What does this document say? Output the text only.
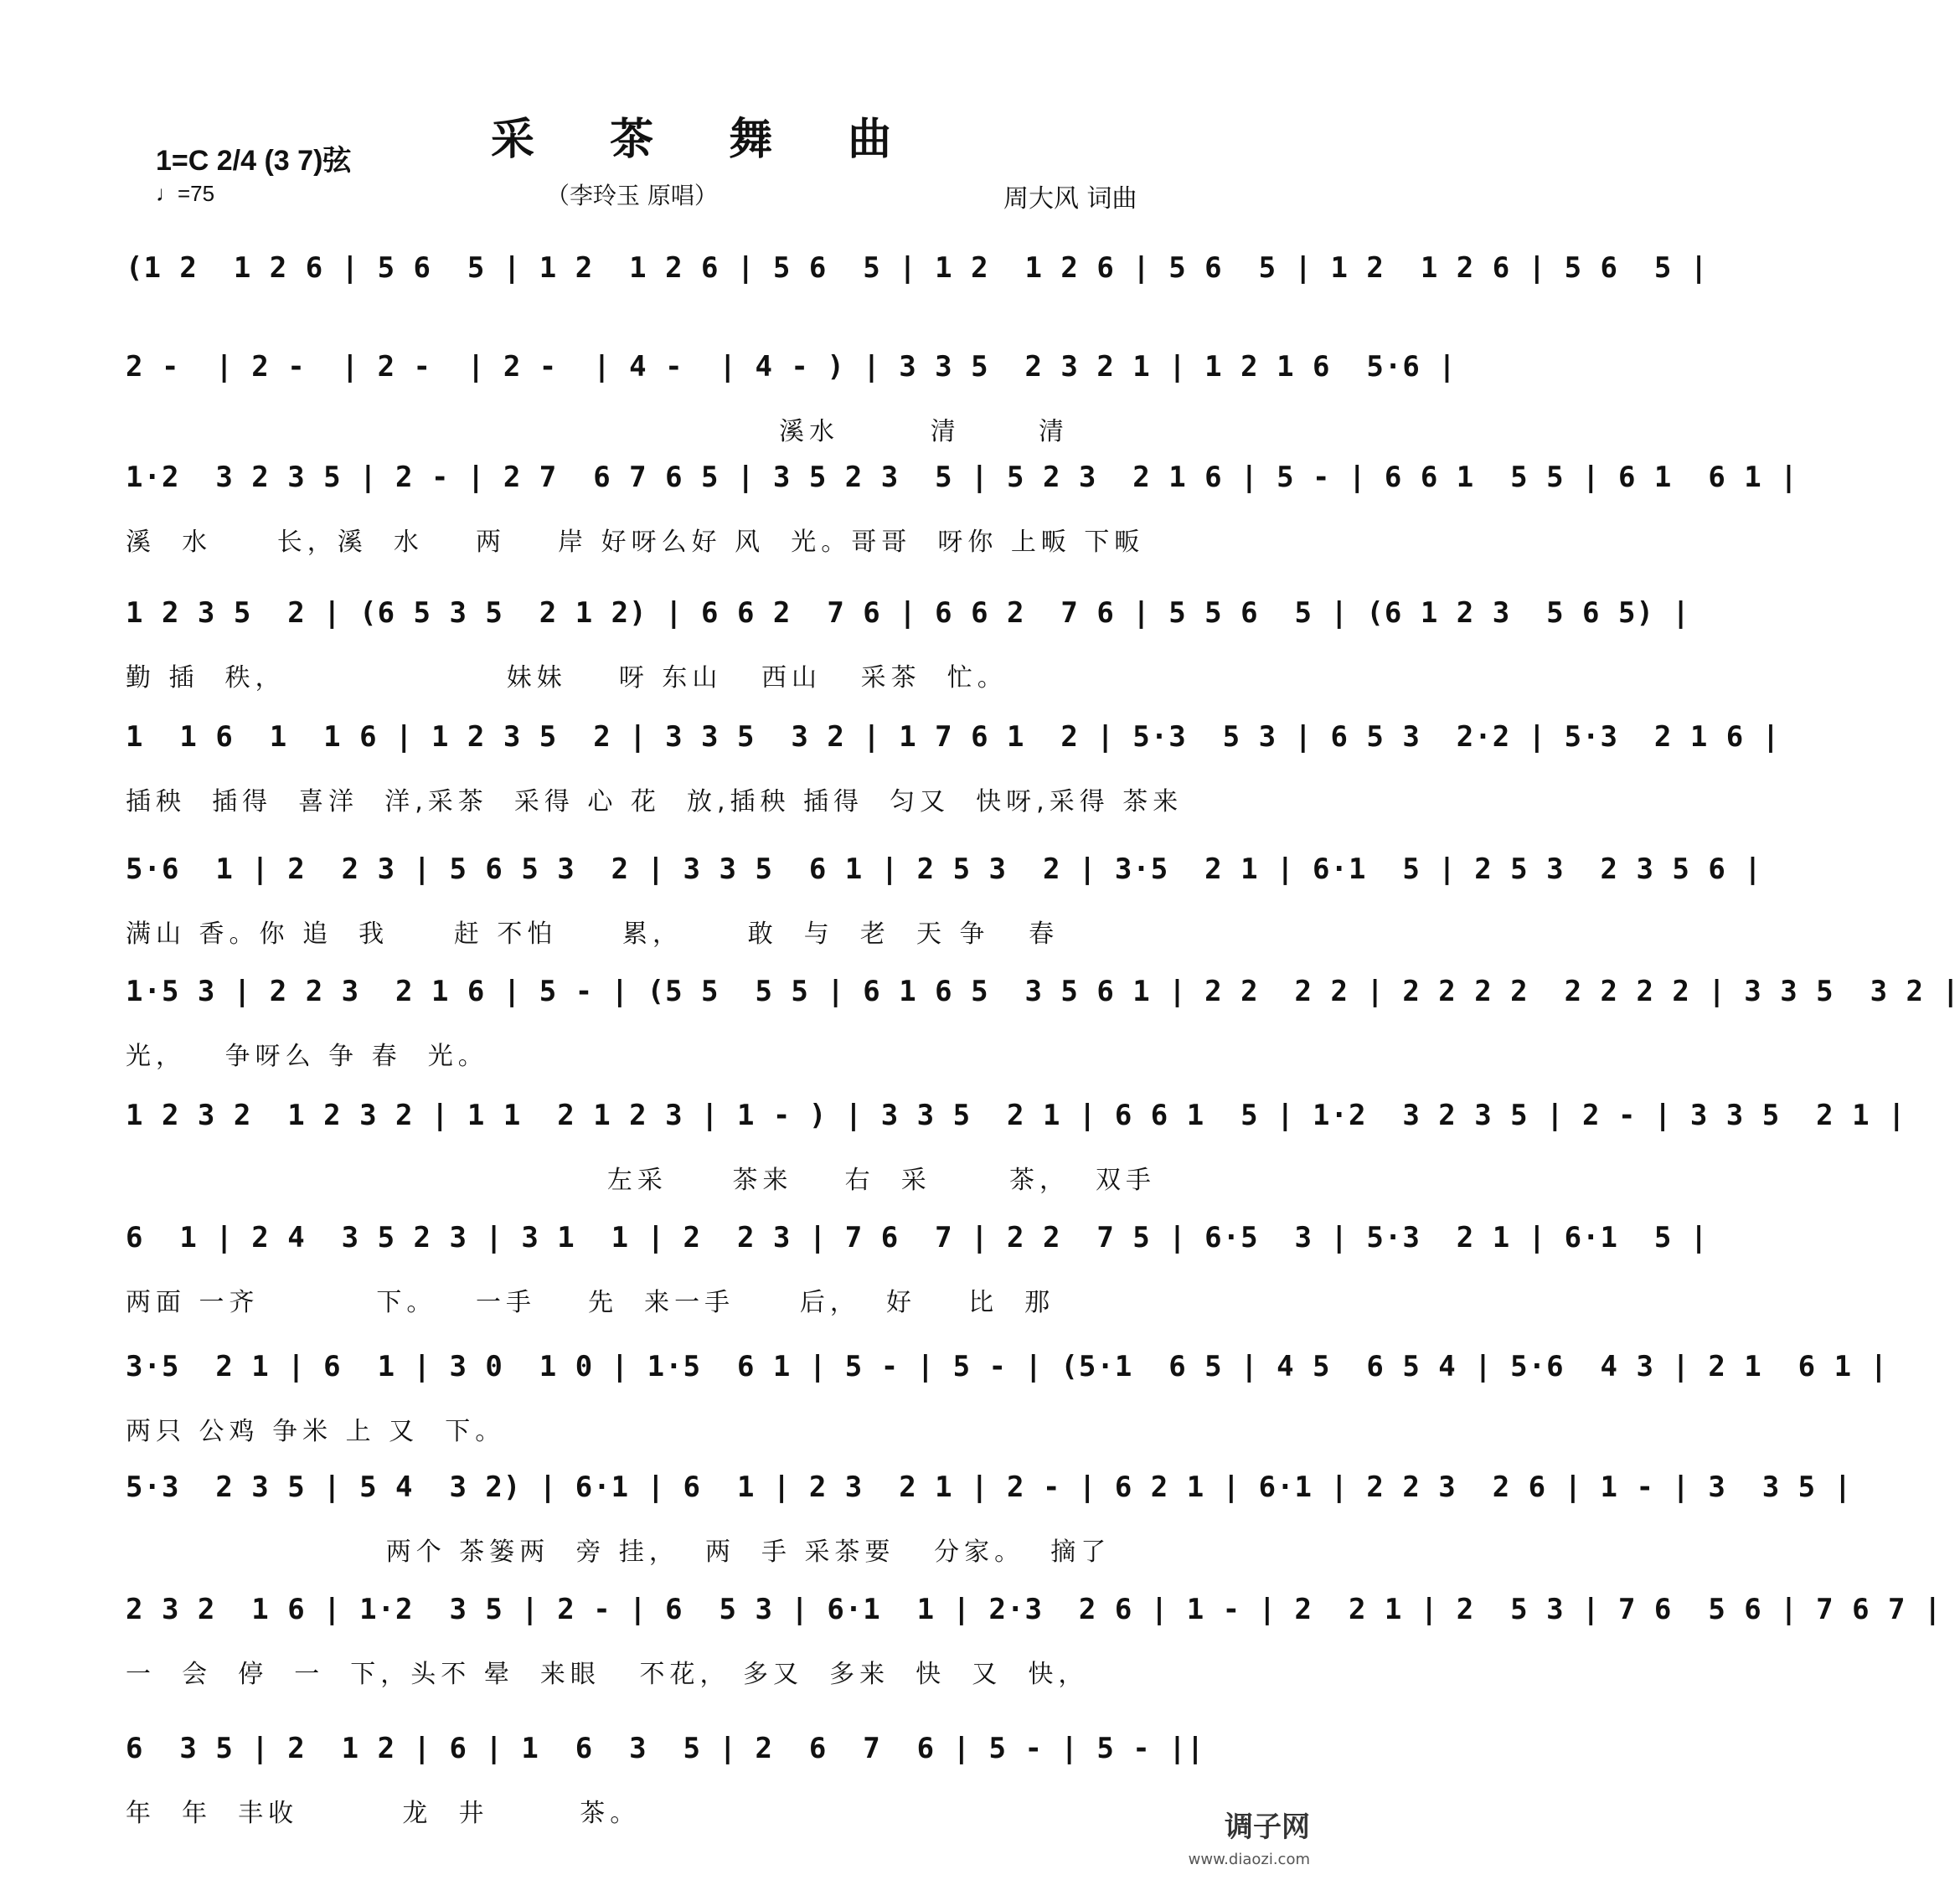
采 茶 舞 曲
1=C 2/4 (3 7)弦
♩=75	（李玲玉 原唱）	周大风 词曲
(1 2  1 2 6 | 5 6  5 | 1 2  1 2 6 | 5 6  5 | 1 2  1 2 6 | 5 6  5 | 1 2  1 2 6 | 5 6  5 |
2 -  | 2 -  | 2 -  | 2 -  | 4 -  | 4 - ) | 3 3 5  2 3 2 1 | 1 2 1 6  5·6 |
溪水       清      清
1·2  3 2 3 5 | 2 - | 2 7  6 7 6 5 | 3 5 2 3  5 | 5 2 3  2 1 6 | 5 - | 6 6 1  5 5 | 6 1  6 1 |
溪  水     长，溪  水    两    岸 好呀么好 风  光。哥哥  呀你 上畈 下畈
1 2 3 5  2 | (6 5 3 5  2 1 2) | 6 6 2  7 6 | 6 6 2  7 6 | 5 5 6  5 | (6 1 2 3  5 6 5) |
勤 插  秩，                 妹妹    呀 东山   西山   采茶  忙。
1  1 6  1  1 6 | 1 2 3 5  2 | 3 3 5  3 2 | 1 7 6 1  2 | 5·3  5 3 | 6 5 3  2·2 | 5·3  2 1 6 |
插秧  插得  喜洋  洋,采茶  采得 心 花  放,插秧 插得  匀又  快呀,采得 茶来
5·6  1 | 2  2 3 | 5 6 5 3  2 | 3 3 5  6 1 | 2 5 3  2 | 3·5  2 1 | 6·1  5 | 2 5 3  2 3 5 6 |
满山 香。你 追  我     赶 不怕     累，     敢  与  老  天 争   春
1·5 3 | 2 2 3  2 1 6 | 5 - | (5 5  5 5 | 6 1 6 5  3 5 6 1 | 2 2  2 2 | 2 2 2 2  2 2 2 2 | 3 3 5  3 2 |
光，   争呀么 争 春  光。
1 2 3 2  1 2 3 2 | 1 1  2 1 2 3 | 1 - ) | 3 3 5  2 1 | 6 6 1  5 | 1·2  3 2 3 5 | 2 - | 3 3 5  2 1 |
左采     茶来    右  采      茶，  双手
6  1 | 2 4  3 5 2 3 | 3 1  1 | 2  2 3 | 7 6  7 | 2 2  7 5 | 6·5  3 | 5·3  2 1 | 6·1  5 |
两面 一齐         下。   一手    先  来一手     后，  好    比  那
3·5  2 1 | 6  1 | 3 0  1 0 | 1·5  6 1 | 5 - | 5 - | (5·1  6 5 | 4 5  6 5 4 | 5·6  4 3 | 2 1  6 1 |
两只 公鸡 争米 上 又  下。
5·3  2 3 5 | 5 4  3 2) | 6·1 | 6  1 | 2 3  2 1 | 2 - | 6 2 1 | 6·1 | 2 2 3  2 6 | 1 - | 3  3 5 |
两个 茶篓两  旁 挂，  两  手 采茶要   分家。  摘了
2 3 2  1 6 | 1·2  3 5 | 2 - | 6  5 3 | 6·1  1 | 2·3  2 6 | 1 - | 2  2 1 | 2  5 3 | 7 6  5 6 | 7 6 7 |
一  会  停  一  下，头不 晕  来眼   不花， 多又  多来  快  又  快，
6  3 5 | 2  1 2 | 6 | 1  6  3  5 | 2  6  7  6 | 5 - | 5 - ||
年  年  丰收        龙  井       茶。	调子网
www.diaozi.com
